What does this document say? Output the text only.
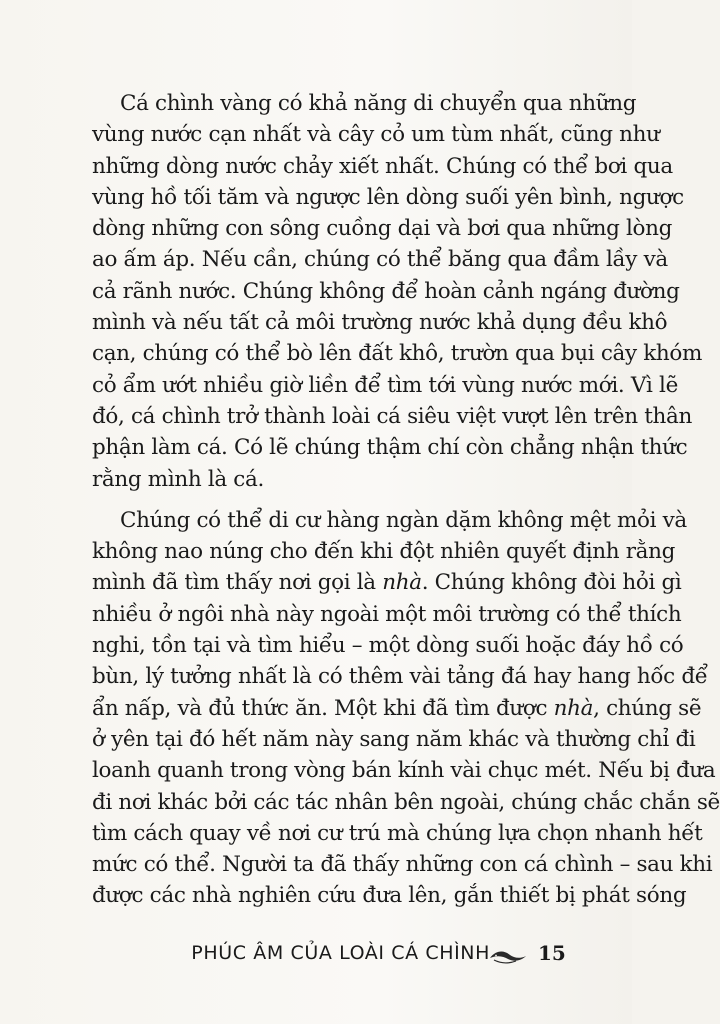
Cá chình vàng có khả năng di chuyển qua những
vùng nước cạn nhất và cây cỏ um tùm nhất, cũng như
những dòng nước chảy xiết nhất. Chúng có thể bơi qua
vùng hồ tối tăm và ngược lên dòng suối yên bình, ngược
dòng những con sông cuồng dại và bơi qua những lòng
ao ấm áp. Nếu cần, chúng có thể băng qua đầm lầy và
cả rãnh nước. Chúng không để hoàn cảnh ngáng đường
mình và nếu tất cả môi trường nước khả dụng đều khô
cạn, chúng có thể bò lên đất khô, trườn qua bụi cây khóm
cỏ ẩm ướt nhiều giờ liền để tìm tới vùng nước mới. Vì lẽ
đó, cá chình trở thành loài cá siêu việt vượt lên trên thân
phận làm cá. Có lẽ chúng thậm chí còn chẳng nhận thức
rằng mình là cá.
Chúng có thể di cư hàng ngàn dặm không mệt mỏi và
không nao núng cho đến khi đột nhiên quyết định rằng
mình đã tìm thấy nơi gọi là nhà. Chúng không đòi hỏi gì
nhiều ở ngôi nhà này ngoài một môi trường có thể thích
nghi, tồn tại và tìm hiểu – một dòng suối hoặc đáy hồ có
bùn, lý tưởng nhất là có thêm vài tảng đá hay hang hốc để
ẩn nấp, và đủ thức ăn. Một khi đã tìm được nhà, chúng sẽ
ở yên tại đó hết năm này sang năm khác và thường chỉ đi
loanh quanh trong vòng bán kính vài chục mét. Nếu bị đưa
đi nơi khác bởi các tác nhân bên ngoài, chúng chắc chắn sẽ
tìm cách quay về nơi cư trú mà chúng lựa chọn nhanh hết
mức có thể. Người ta đã thấy những con cá chình – sau khi
được các nhà nghiên cứu đưa lên, gắn thiết bị phát sóng
PHÚC ÂM CỦA LOÀI CÁ CHÌNH 15
